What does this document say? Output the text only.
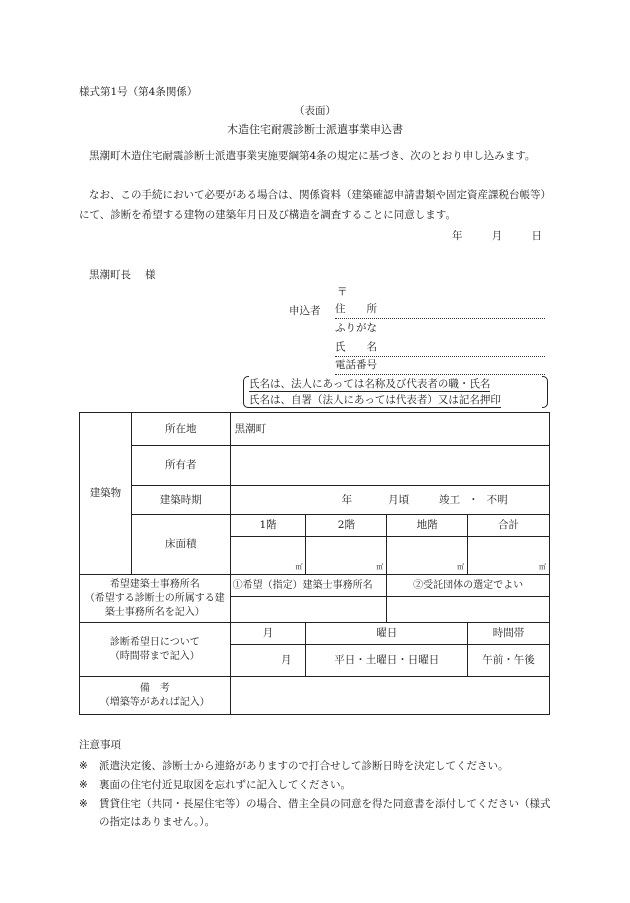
様式第1号（第4条関係）
（表面）
木造住宅耐震診断士派遣事業申込書
黒潮町木造住宅耐震診断士派遣事業実施要綱第4条の規定に基づき、次のとおり申し込みます。
なお、この手続において必要がある場合は、関係資料（建築確認申請書類や固定資産課税台帳等）にて、診断を希望する建物の建築年月日及び構造を調査することに同意します。
年	月	日
黒潮町長 様
〒
申込者 住　　所
ふりがな
氏　　名
電話番号
氏名は、法人にあっては名称及び代表者の職・氏名
氏名は、自署（法人にあっては代表者）又は記名押印
建築物	所在地	黒潮町			
	所有者				
	建築時期	年 月頃 竣工 ・ 不明			
	床面積	1階	2階	地階	合計
		㎡	㎡	㎡	㎡

希望建築士事務所名
（希望する診断士の所属する建築士事務所名を記入）		①希望（指定）建築士事務所名		②受託団体の選定でよい	

診断希望日について
（時間帯まで記入）		月	曜日		時間帯
		月	平日・土曜日・日曜日		午前・午後

備　考
（増築等があれば記入）					

注意事項
※ 派遣決定後、診断士から連絡がありますので打合せして診断日時を決定してください。
※ 裏面の住宅付近見取図を忘れずに記入してください。
※ 賃貸住宅（共同・長屋住宅等）の場合、借主全員の同意を得た同意書を添付してください（様式の指定はありません。）。
